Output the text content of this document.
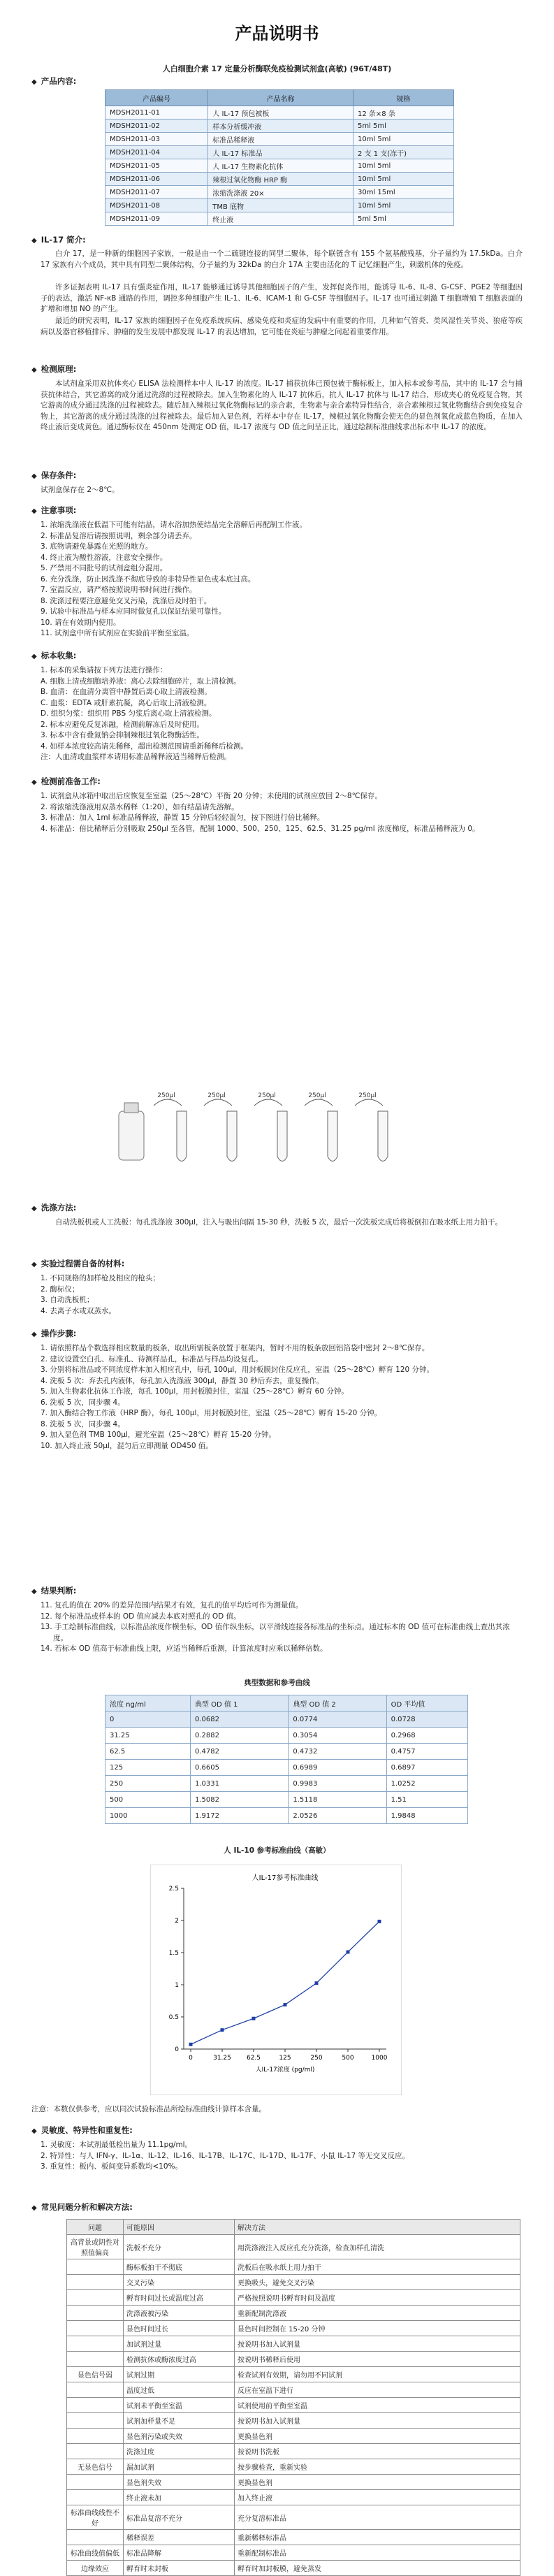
产品说明书
人白细胞介素 17 定量分析酶联免疫检测试剂盒(高敏) (96T/48T)
◆ 产品内容:
产品编号	产品名称	规格
MDSH2011-01	人 IL-17 预包被板	12 条×8 条
MDSH2011-02	样本分析缓冲液	5ml 5ml
MDSH2011-03	标准品稀释液	10ml 5ml
MDSH2011-04	人 IL-17 标准品	2 支 1 支(冻干)
MDSH2011-05	人 IL-17 生物素化抗体	10ml 5ml
MDSH2011-06	辣根过氧化物酶 HRP 酶	10ml 5ml
MDSH2011-07	浓缩洗涤液 20×	30ml 15ml
MDSH2011-08	TMB 底物	10ml 5ml
MDSH2011-09	终止液	5ml 5ml
◆ IL-17 简介:
白介 17，是一种新的细胞因子家族，一般是由一个二硫键连接的同型二聚体，每个联链含有 155 个氨基酸残基，分子量约为 17.5kDa。白介 17 家族有六个成员，其中具有同型二聚体结构，分子量约为 32kDa 的白介 17A 主要由活化的 T 记忆细胞产生，刺激机体的免疫。
许多证据表明 IL-17 具有强炎症作用，IL-17 能够通过诱导其他细胞因子的产生，发挥促炎作用，能诱导 IL-6、IL-8、G-CSF、PGE2 等细胞因子的表达，激活 NF-κB 通路的作用，调控多种细胞产生 IL-1、IL-6、ICAM-1 和 G-CSF 等细胞因子。IL-17 也可通过刺激 T 细胞增殖 T 细胞表面的扩增和增加 NO 的产生。
最近的研究表明，IL-17 家族的细胞因子在免疫系统疾病、感染免疫和炎症的发病中有重要的作用，几种如气管炎、类风湿性关节炎、狼疮等疾病以及器官移植排斥、肿瘤的发生发展中都发现 IL-17 的表达增加，它可能在炎症与肿瘤之间起着重要作用。
◆ 检测原理:
本试剂盒采用双抗体夹心 ELISA 法检测样本中人 IL-17 的浓度。IL-17 捕获抗体已预包被于酶标板上，加入标本或参考品，其中的 IL-17 会与捕获抗体结合，其它游离的成分通过洗涤的过程被除去。加入生物素化的人 IL-17 抗体后，抗人 IL-17 抗体与 IL-17 结合，形成夹心的免疫复合物，其它游离的成分通过洗涤的过程被除去。随后加入辣根过氧化物酶标记的亲合素，生物素与亲合素特异性结合，亲合素辣根过氧化物酶结合到免疫复合物上，其它游离的成分通过洗涤的过程被除去。最后加入显色剂，若样本中存在 IL-17，辣根过氧化物酶会使无色的显色剂氧化成蓝色物质，在加入终止液后变成黄色。通过酶标仪在 450nm 处测定 OD 值，IL-17 浓度与 OD 值之间呈正比，通过绘制标准曲线求出标本中 IL-17 的浓度。
◆ 保存条件:
试剂盒保存在 2～8℃。
◆ 注意事项:
1. 浓缩洗涤液在低温下可能有结晶，请水浴加热使结晶完全溶解后再配制工作液。
2. 标准品复溶后请按照说明，剩余部分请丢弃。
3. 底物请避免暴露在光照的地方。
4. 终止液为酸性溶液，注意安全操作。
5. 严禁用不同批号的试剂盒组分混用。
6. 充分洗涤，防止因洗涤不彻底导致的非特异性显色或本底过高。
7. 室温反应，请严格按照说明书时间进行操作。
8. 洗涤过程要注意避免交叉污染，洗涤后及时拍干。
9. 试验中标准品与样本应同时做复孔以保证结果可靠性。
10. 请在有效期内使用。
11. 试剂盒中所有试剂应在实验前平衡至室温。
◆ 标本收集:
1. 标本的采集请按下列方法进行操作：
A. 细胞上清或细胞培养液：离心去除细胞碎片，取上清检测。
B. 血清：在血清分离管中静置后离心取上清液检测。
C. 血浆：EDTA 或肝素抗凝，离心后取上清液检测。
D. 组织匀浆：组织用 PBS 匀浆后离心取上清液检测。
2. 标本应避免反复冻融，检测前解冻后及时使用。
3. 标本中含有叠氮钠会抑制辣根过氧化物酶活性。
4. 如样本浓度较高请先稀释，超出检测范围请重新稀释后检测。
注：人血清或血浆样本请用标准品稀释液适当稀释后检测。
◆ 检测前准备工作:
1. 试剂盒从冰箱中取出后应恢复至室温（25～28℃）平衡 20 分钟；未使用的试剂应放回 2～8℃保存。
2. 将浓缩洗涤液用双蒸水稀释（1:20），如有结晶请先溶解。
3. 标准品：加入 1ml 标准品稀释液，静置 15 分钟后轻轻混匀，按下图进行倍比稀释。
4. 标准品：倍比稀释后分别吸取 250μl 至各管，配制 1000、500、250、125、62.5、31.25 pg/ml 浓度梯度，标准品稀释液为 0。
250μl	250μl	250μl	250μl	250μl
◆ 洗涤方法:
自动洗板机或人工洗板：每孔洗涤液 300μl，注入与吸出间隔 15-30 秒，洗板 5 次，最后一次洗板完成后将板倒扣在吸水纸上用力拍干。
◆ 实验过程需自备的材料:
1. 不同规格的加样枪及相应的枪头；
2. 酶标仪；
3. 自动洗板机；
4. 去离子水或双蒸水。
◆ 操作步骤:
1. 请依照样品个数选择相应数量的板条，取出所需板条放置于框架内，暂时不用的板条放回铝箔袋中密封 2～8℃保存。
2. 建议设置空白孔、标准孔、待测样品孔，标准品与样品均设复孔。
3. 分别将标准品或不同浓度样本加入相应孔中，每孔 100μl，用封板膜封住反应孔，室温（25～28℃）孵育 120 分钟。
4. 洗板 5 次：弃去孔内液体，每孔加入洗涤液 300μl，静置 30 秒后弃去，重复操作。
5. 加入生物素化抗体工作液，每孔 100μl，用封板膜封住，室温（25～28℃）孵育 60 分钟。
6. 洗板 5 次，同步骤 4。
7. 加入酶结合物工作液（HRP 酶），每孔 100μl，用封板膜封住，室温（25～28℃）孵育 15-20 分钟。
8. 洗板 5 次，同步骤 4。
9. 加入显色剂 TMB 100μl，避光室温（25～28℃）孵育 15-20 分钟。
10. 加入终止液 50μl，混匀后立即测量 OD450 值。
◆ 结果判断:
11. 复孔的值在 20% 的差异范围内结果才有效，复孔的值平均后可作为测量值。
12. 每个标准品或样本的 OD 值应减去本底对照孔的 OD 值。
13. 手工绘制标准曲线，以标准品浓度作横坐标，OD 值作纵坐标，以平滑线连接各标准品的坐标点。通过标本的 OD 值可在标准曲线上查出其浓度。
14. 若标本 OD 值高于标准曲线上限，应适当稀释后重测，计算浓度时应乘以稀释倍数。
典型数据和参考曲线
浓度 ng/ml	典型 OD 值 1	典型 OD 值 2	OD 平均值
0	0.0682	0.0774	0.0728
31.25	0.2882	0.3054	0.2968
62.5	0.4782	0.4732	0.4757
125	0.6605	0.6989	0.6897
250	1.0331	0.9983	1.0252
500	1.5082	1.5118	1.51
1000	1.9172	2.0526	1.9848
人 IL-10 参考标准曲线（高敏）
人IL-17参考标准曲线
0
0.5
1
1.5
2
2.5
0	31.25 62.5	125	250	500	1000
人IL-17浓度 (pg/ml)
注意：本数仅供参考，应以同次试验标准品所绘标准曲线计算样本含量。
◆ 灵敏度、特异性和重复性:
1. 灵敏度：本试剂最低检出量为 11.1pg/ml。
2. 特异性：与人 IFN-γ、IL-1α、IL-12、IL-16、IL-17B、IL-17C、IL-17D、IL-17F、小鼠 IL-17 等无交叉反应。
3. 重复性：板内、板间变异系数均<10%。
◆ 常见问题分析和解决方法:
问题	可能原因	解决方法
高背景或阴性对照值偏高	洗板不充分	用洗涤液注入反应孔充分洗涤，检查加样孔清洗
	酶标板拍干不彻底	洗板后在吸水纸上用力拍干
	交叉污染	更换吸头，避免交叉污染
	孵育时间过长或温度过高	严格按照说明书孵育时间及温度
	洗涤液被污染	重新配制洗涤液
	显色时间过长	显色时间控制在 15-20 分钟
	加试剂过量	按说明书加入试剂量
	检测抗体或酶浓度过高	按说明书稀释后使用
显色信号弱	试剂过期	检查试剂有效期，请勿用不同试剂
	温度过低	反应在室温下进行
	试剂未平衡至室温	试剂使用前平衡至室温
	试剂加样量不足	按说明书加入试剂量
	显色剂污染或失效	更换显色剂
	洗涤过度	按说明书洗板
无显色信号	漏加试剂	按步骤检查，重新实验
	显色剂失效	更换显色剂
	终止液未加	加入终止液
标准曲线线性不好	标准品复溶不充分	充分复溶标准品
	稀释误差	重新稀释标准品
标准曲线值偏低	标准品降解	重新配制标准品
边缘效应	孵育时未封板	孵育时加封板膜，避免蒸发
